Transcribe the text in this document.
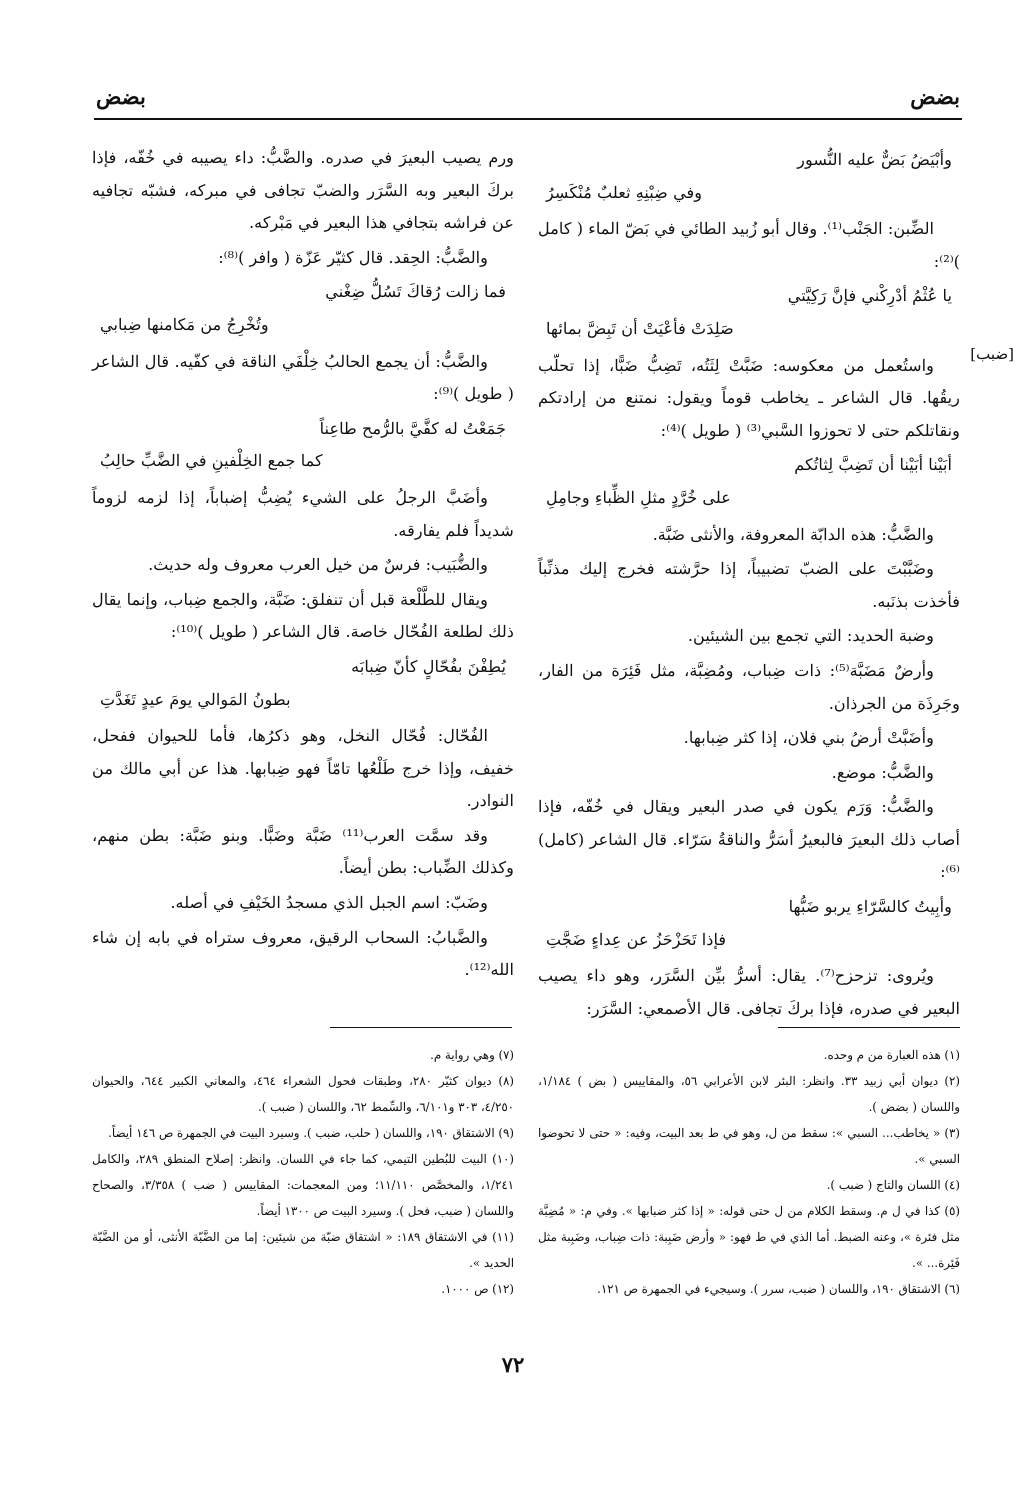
بضض
بضض
[ضبب]
وأبْيَضُ بَضٌّ عليه النُّسور
وفي ضِبْنِهِ ثعلبٌ مُنْكَسِرُ

الضِّبن: الجَنْب⁽¹⁾. وقال أبو زُبيد الطائي في بَضّ الماء ( كامل )⁽²⁾:

يا عُثْمُ أدْرِكْني فإنَّ رَكِيَّتي
صَلِدَتْ فأعْيَتْ أن تَبِضَّ بمائها

واستُعمل من معكوسه: ضَبَّتْ لِثَتُه، تَضِبُّ ضَبًّا، إذا تحلّب ريقُها. قال الشاعر ـ يخاطب قوماً ويقول: نمتنع من إرادتكم ونقاتلكم حتى لا تحوزوا السَّبي⁽³⁾ ( طويل )⁽⁴⁾:

أبَيْنا أبَيْنا أن تَضِبَّ لِثاتُكم
على خُرَّدٍ مثلِ الظِّباءِ وجامِلِ

والضَّبُّ: هذه الدابّة المعروفة، والأنثى ضَبَّة.

وضَبَّبْتَ على الضبّ تضبيباً، إذا حرَّشته فخرج إليك مذنِّباً فأخذت بذنَبه.

وضبة الحديد: التي تجمع بين الشيئين.

وأرضٌ مَضَبَّة⁽⁵⁾: ذات ضِباب، ومُضِبَّة، مثل فَئِرَة من الفار، وجَرِذَة من الجرذان.

وأضَبَّتْ أرضُ بني فلان، إذا كثر ضِبابها.

والضَّبُّ: موضع.

والضَّبُّ: وَرَم يكون في صدر البعير ويقال في خُفّه، فإذا أصاب ذلك البعيرَ فالبعيرُ أسَرُّ والناقةُ سَرّاء. قال الشاعر (كامل)⁽⁶⁾:

وأبِيتُ كالسَّرّاءِ يربو ضَبُّها
فإذا تَحَزْحَزُ عن عِداءٍ ضَجَّتِ

ويُروى: تزحزح⁽⁷⁾. يقال: أسرُّ بيِّن السَّرَر، وهو داء يصيب البعير في صدره، فإذا بركَ تجافى. قال الأصمعي: السَّرَر:

ورم يصيب البعيرَ في صدره. والضَّبُّ: داء يصيبه في خُفّه، فإذا بركَ البعير وبه السَّرَر والضبّ تجافى في مبركه، فشبّه تجافيه عن فراشه بتجافي هذا البعير في مَبْركه.

والضَّبُّ: الحِقد. قال كثيّر عَزّة ( وافر )⁽⁸⁾:

فما زالت رُقاكَ تَسُلُّ ضِغْني
وتُخْرِجُ من مَكامنها ضِبابي

والضَّبُّ: أن يجمع الحالبُ خِلْفَي الناقة في كفّيه. قال الشاعر ( طويل )⁽⁹⁾:

جَمَعْتُ له كفَّيَّ بالرُّمح طاعِناً
كما جمع الخِلْفينِ في الضَّبِّ حالِبُ

وأضَبَّ الرجلُ على الشيء يُضِبُّ إضباباً، إذا لزمه لزوماً شديداً فلم يفارقه.

والضُّبَيب: فرسٌ من خيل العرب معروف وله حديث.

ويقال للطَّلْعة قبل أن تنفلق: ضَبَّة، والجمع ضِباب، وإنما يقال ذلك لطلعة الفُحّال خاصة. قال الشاعر ( طويل )⁽¹⁰⁾:

يُطِفْنَ بفُحّالٍ كأنّ ضِبابَه
بطونُ المَوالي يومَ عيدٍ تَغَدَّتِ

الفُحّال: فُحّال النخل، وهو ذكرُها، فأما للحيوان ففحل، خفيف، وإذا خرج طَلْعُها تامّاً فهو ضِبابها. هذا عن أبي مالك من النوادر.

وقد سمَّت العرب⁽¹¹⁾ ضَبَّة وضَبًّا. وبنو ضَبَّة: بطن منهم، وكذلك الضِّباب: بطن أيضاً.

وضَبّ: اسم الجبل الذي مسجدُ الخَيْفِ في أصله.

والضَّبابُ: السحاب الرقيق، معروف ستراه في بابه إن شاء الله⁽¹²⁾.

(١) هذه العبارة من م وحده.

(٢) ديوان أبي زبيد ٣٣. وانظر: البئر لابن الأعرابي ٥٦، والمقاييس ( بض ) ١/١٨٤، واللسان ( بضض ).

(٣) « يخاطب... السبي »: سقط من ل، وهو في ط بعد البيت، وفيه: « حتى لا تحوضوا السبي ».

(٤) اللسان والتاج ( ضبب ).

(٥) كذا في ل م. وسقط الكلام من ل حتى قوله: « إذا كثر ضبابها ». وفي م: « مُضِبَّة مثل فئرة »، وعنه الضبط. أما الذي في ط فهو: « وأرض ضَبِبة: ذات ضِباب، وضَبِبة مثل فَئِرة... ».

(٦) الاشتقاق ١٩٠، واللسان ( ضبب، سرر ). وسيجيء في الجمهرة ص ١٢١.

(٧) وهي رواية م.

(٨) ديوان كثيّر ٢٨٠، وطبقات فحول الشعراء ٤٦٤، والمعاني الكبير ٦٤٤، والحيوان ٤/٢٥٠، ٣٠٣ و٦/١٠١، والسِّمط ٦٢، واللسان ( ضبب ).

(٩) الاشتقاق ١٩٠، واللسان ( حلب، ضبب ). وسيرد البيت في الجمهرة ص ١٤٦ أيضاً.

(١٠) البيت للبُطين التيمي، كما جاء في اللسان. وانظر: إصلاح المنطق ٢٨٩، والكامل ١/٢٤١، والمخصَّص ١١/١١٠؛ ومن المعجمات: المقاييس ( ضب ) ٣/٣٥٨، والصحاح واللسان ( ضبب، فحل ). وسيرد البيت ص ١٣٠٠ أيضاً.

(١١) في الاشتقاق ١٨٩: « اشتقاق ضبّة من شيئين: إما من الضَّبّة الأنثى، أو من الضَّبّة الحديد ».

(١٢) ص ١٠٠٠.

٧٢
